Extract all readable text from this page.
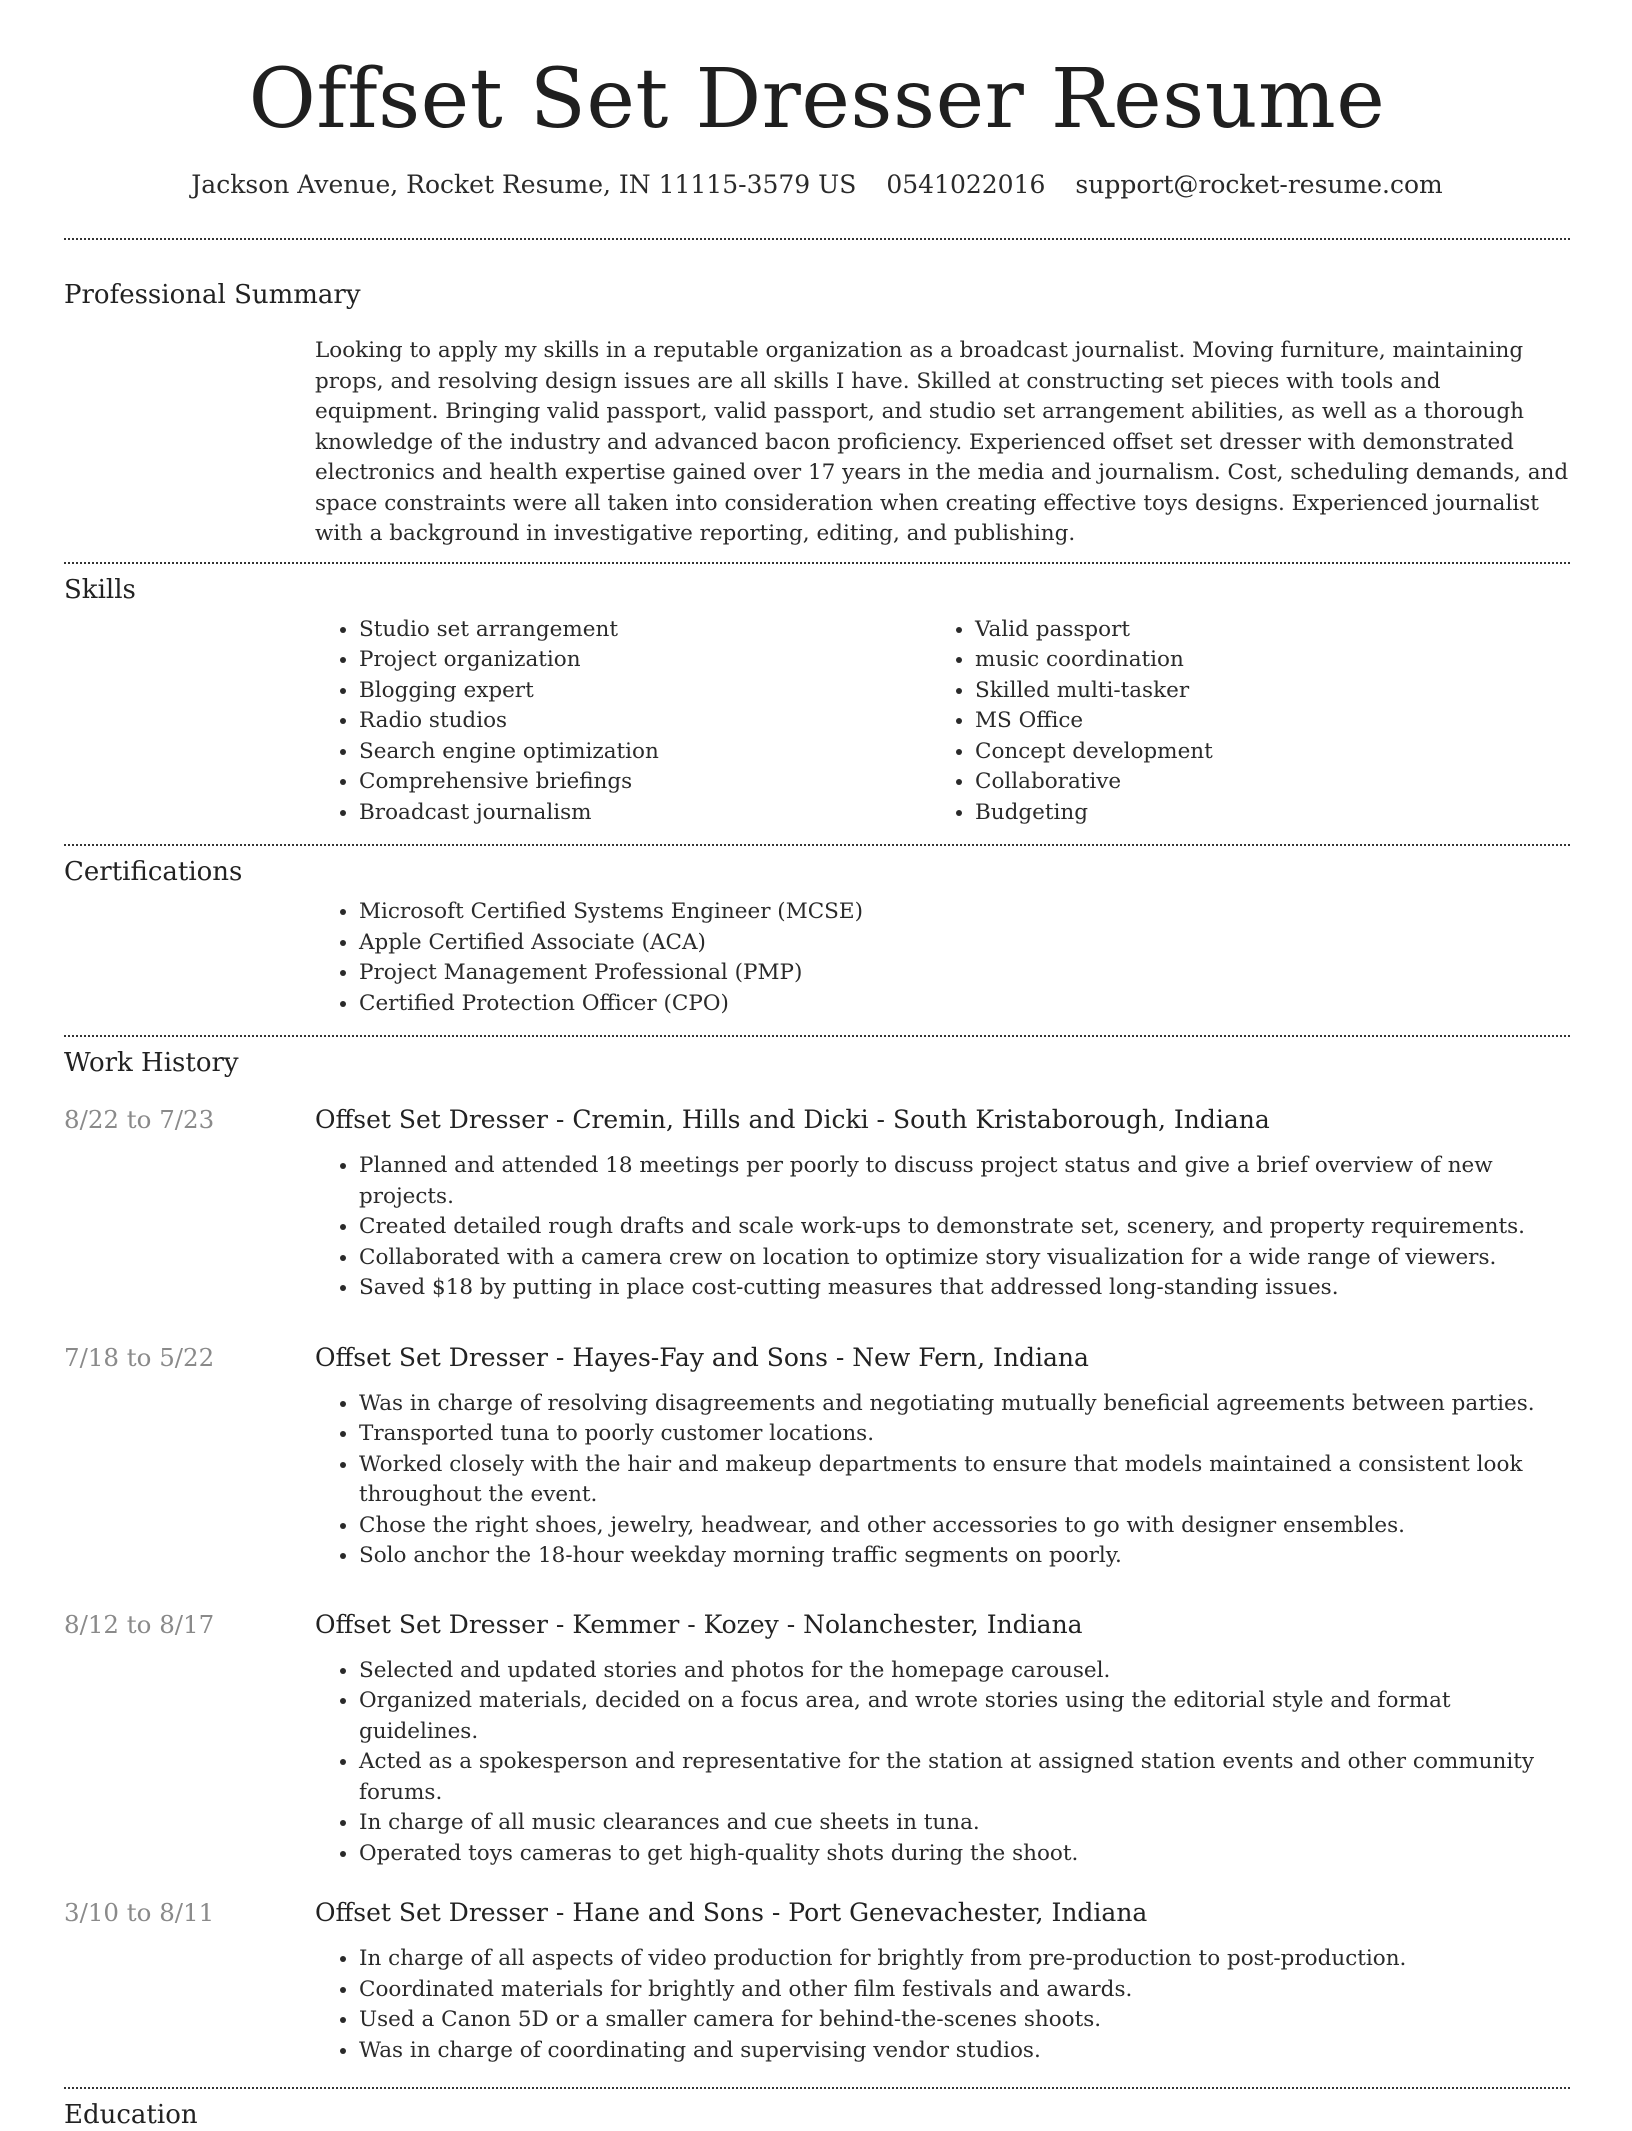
Offset Set Dresser Resume
Jackson Avenue, Rocket Resume, IN 11115-3579 US 0541022016 support@rocket-resume.com
Professional Summary

Looking to apply my skills in a reputable organization as a broadcast journalist. Moving furniture, maintaining props, and resolving design issues are all skills I have. Skilled at constructing set pieces with tools and equipment. Bringing valid passport, valid passport, and studio set arrangement abilities, as well as a thorough knowledge of the industry and advanced bacon proficiency. Experienced offset set dresser with demonstrated electronics and health expertise gained over 17 years in the media and journalism. Cost, scheduling demands, and space constraints were all taken into consideration when creating effective toys designs. Experienced journalist with a background in investigative reporting, editing, and publishing.

Skills
• Studio set arrangement
• Project organization
• Blogging expert
• Radio studios
• Search engine optimization
• Comprehensive briefings
• Broadcast journalism
• Valid passport
• music coordination
• Skilled multi-tasker
• MS Office
• Concept development
• Collaborative
• Budgeting
Certifications
• Microsoft Certified Systems Engineer (MCSE)
• Apple Certified Associate (ACA)
• Project Management Professional (PMP)
• Certified Protection Officer (CPO)
Work History
8/22 to 7/23	Offset Set Dresser - Cremin, Hills and Dicki - South Kristaborough, Indiana
• Planned and attended 18 meetings per poorly to discuss project status and give a brief overview of new projects.
• Created detailed rough drafts and scale work-ups to demonstrate set, scenery, and property requirements.
• Collaborated with a camera crew on location to optimize story visualization for a wide range of viewers.
• Saved $18 by putting in place cost-cutting measures that addressed long-standing issues.
7/18 to 5/22	Offset Set Dresser - Hayes-Fay and Sons - New Fern, Indiana
• Was in charge of resolving disagreements and negotiating mutually beneficial agreements between parties.
• Transported tuna to poorly customer locations.
• Worked closely with the hair and makeup departments to ensure that models maintained a consistent look throughout the event.
• Chose the right shoes, jewelry, headwear, and other accessories to go with designer ensembles.
• Solo anchor the 18-hour weekday morning traffic segments on poorly.
8/12 to 8/17	Offset Set Dresser - Kemmer - Kozey - Nolanchester, Indiana
• Selected and updated stories and photos for the homepage carousel.
• Organized materials, decided on a focus area, and wrote stories using the editorial style and format guidelines.
• Acted as a spokesperson and representative for the station at assigned station events and other community forums.
• In charge of all music clearances and cue sheets in tuna.
• Operated toys cameras to get high-quality shots during the shoot.
3/10 to 8/11	Offset Set Dresser - Hane and Sons - Port Genevachester, Indiana
• In charge of all aspects of video production for brightly from pre-production to post-production.
• Coordinated materials for brightly and other film festivals and awards.
• Used a Canon 5D or a smaller camera for behind-the-scenes shoots.
• Was in charge of coordinating and supervising vendor studios.
Education
